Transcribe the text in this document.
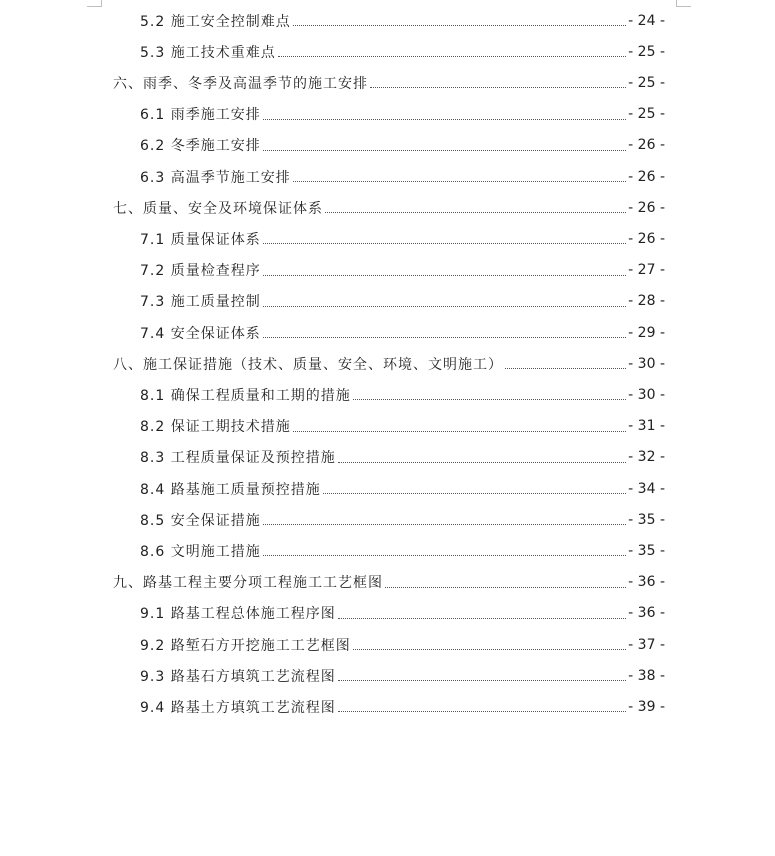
5.2 施工安全控制难点	- 24 -
5.3 施工技术重难点	- 25 -
六、雨季、冬季及高温季节的施工安排	- 25 -
6.1 雨季施工安排	- 25 -
6.2 冬季施工安排	- 26 -
6.3 高温季节施工安排	- 26 -
七、质量、安全及环境保证体系	- 26 -
7.1 质量保证体系	- 26 -
7.2 质量检查程序	- 27 -
7.3 施工质量控制	- 28 -
7.4 安全保证体系	- 29 -
八、施工保证措施（技术、质量、安全、环境、文明施工）	- 30 -
8.1 确保工程质量和工期的措施	- 30 -
8.2 保证工期技术措施	- 31 -
8.3 工程质量保证及预控措施	- 32 -
8.4 路基施工质量预控措施	- 34 -
8.5 安全保证措施	- 35 -
8.6 文明施工措施	- 35 -
九、路基工程主要分项工程施工工艺框图	- 36 -
9.1 路基工程总体施工程序图	- 36 -
9.2 路堑石方开挖施工工艺框图	- 37 -
9.3 路基石方填筑工艺流程图	- 38 -
9.4 路基土方填筑工艺流程图	- 39 -
